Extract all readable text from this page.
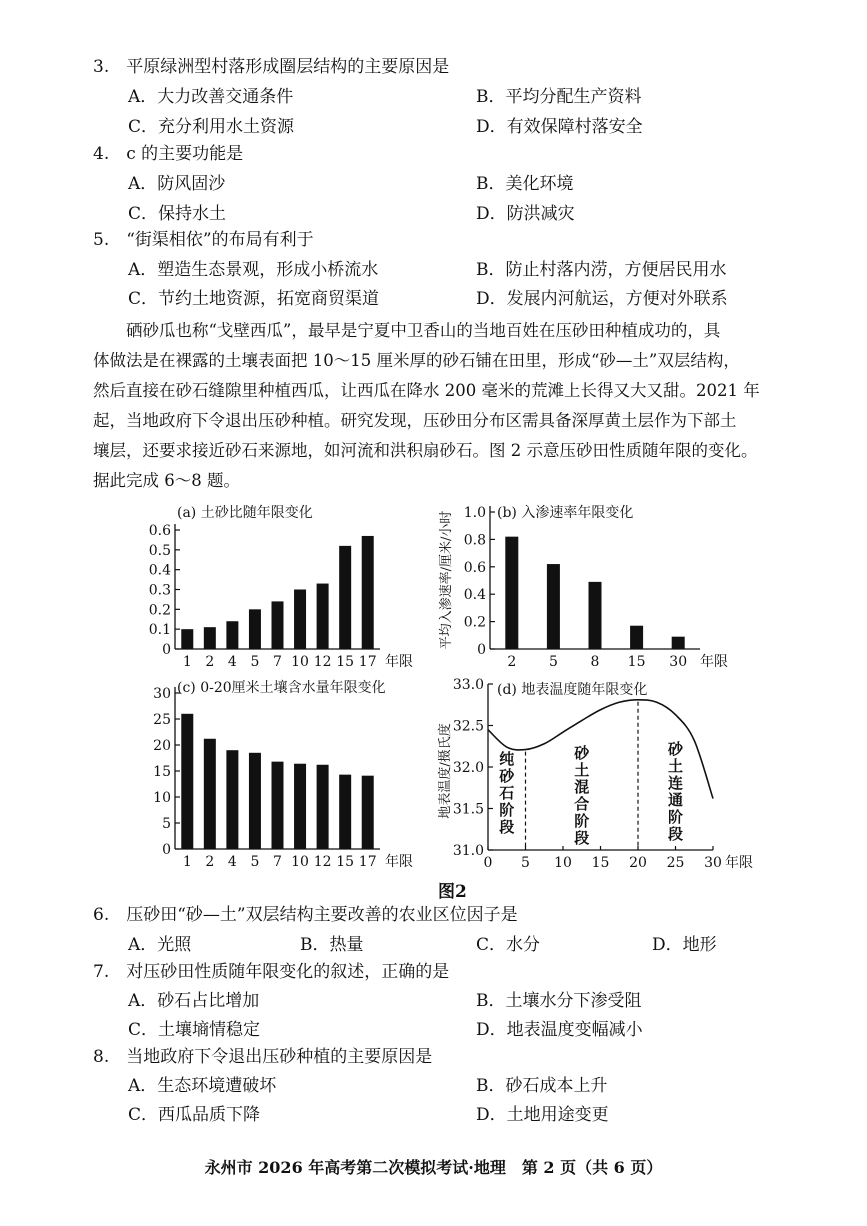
3.　平原绿洲型村落形成圈层结构的主要原因是
A．大力改善交通条件	B．平均分配生产资料
C．充分利用水土资源	D．有效保障村落安全
4.　c 的主要功能是
A．防风固沙	B．美化环境
C．保持水土	D．防洪减灾
5.　“街渠相依”的布局有利于
A．塑造生态景观，形成小桥流水	B．防止村落内涝，方便居民用水
C．节约土地资源，拓宽商贸渠道	D．发展内河航运，方便对外联系
硒砂瓜也称“戈壁西瓜”，最早是宁夏中卫香山的当地百姓在压砂田种植成功的，具
体做法是在裸露的土壤表面把 10～15 厘米厚的砂石铺在田里，形成“砂—土”双层结构，
然后直接在砂石缝隙里种植西瓜，让西瓜在降水 200 毫米的荒滩上长得又大又甜。2021 年
起，当地政府下令退出压砂种植。研究发现，压砂田分布区需具备深厚黄土层作为下部土
壤层，还要求接近砂石来源地，如河流和洪积扇砂石。图 2 示意压砂田性质随年限的变化。
据此完成 6～8 题。
(a) 土砂比随年限变化
0
0.1
0.2
0.3
0.4
0.5
0.6
1 2 4 5 7 10 12 15 17 年限
(b) 入渗速率年限变化
0
0.2
0.4
0.6
0.8
1.0
2 5 8 15 30 年限
平均入渗速率/厘米/小时
(c) 0-20厘米土壤含水量年限变化
0
5
10
15
20
25
30
1 2 4 5 7 10 12 15 17 年限
(d) 地表温度随年限变化
31.0
31.5
32.0
32.5
33.0
0 5 10 15 20 25 30 年限
地表温度/摄氏度	纯砂石阶段
砂土混合阶段
砂土连通阶段
图2
6.　压砂田“砂—土”双层结构主要改善的农业区位因子是
A．光照	B．热量	C．水分	D．地形
7.　对压砂田性质随年限变化的叙述，正确的是
A．砂石占比增加	B．土壤水分下渗受阻
C．土壤墒情稳定	D．地表温度变幅减小
8.　当地政府下令退出压砂种植的主要原因是
A．生态环境遭破坏	B．砂石成本上升
C．西瓜品质下降	D．土地用途变更
永州市 2026 年高考第二次模拟考试·地理　第 2 页（共 6 页）
